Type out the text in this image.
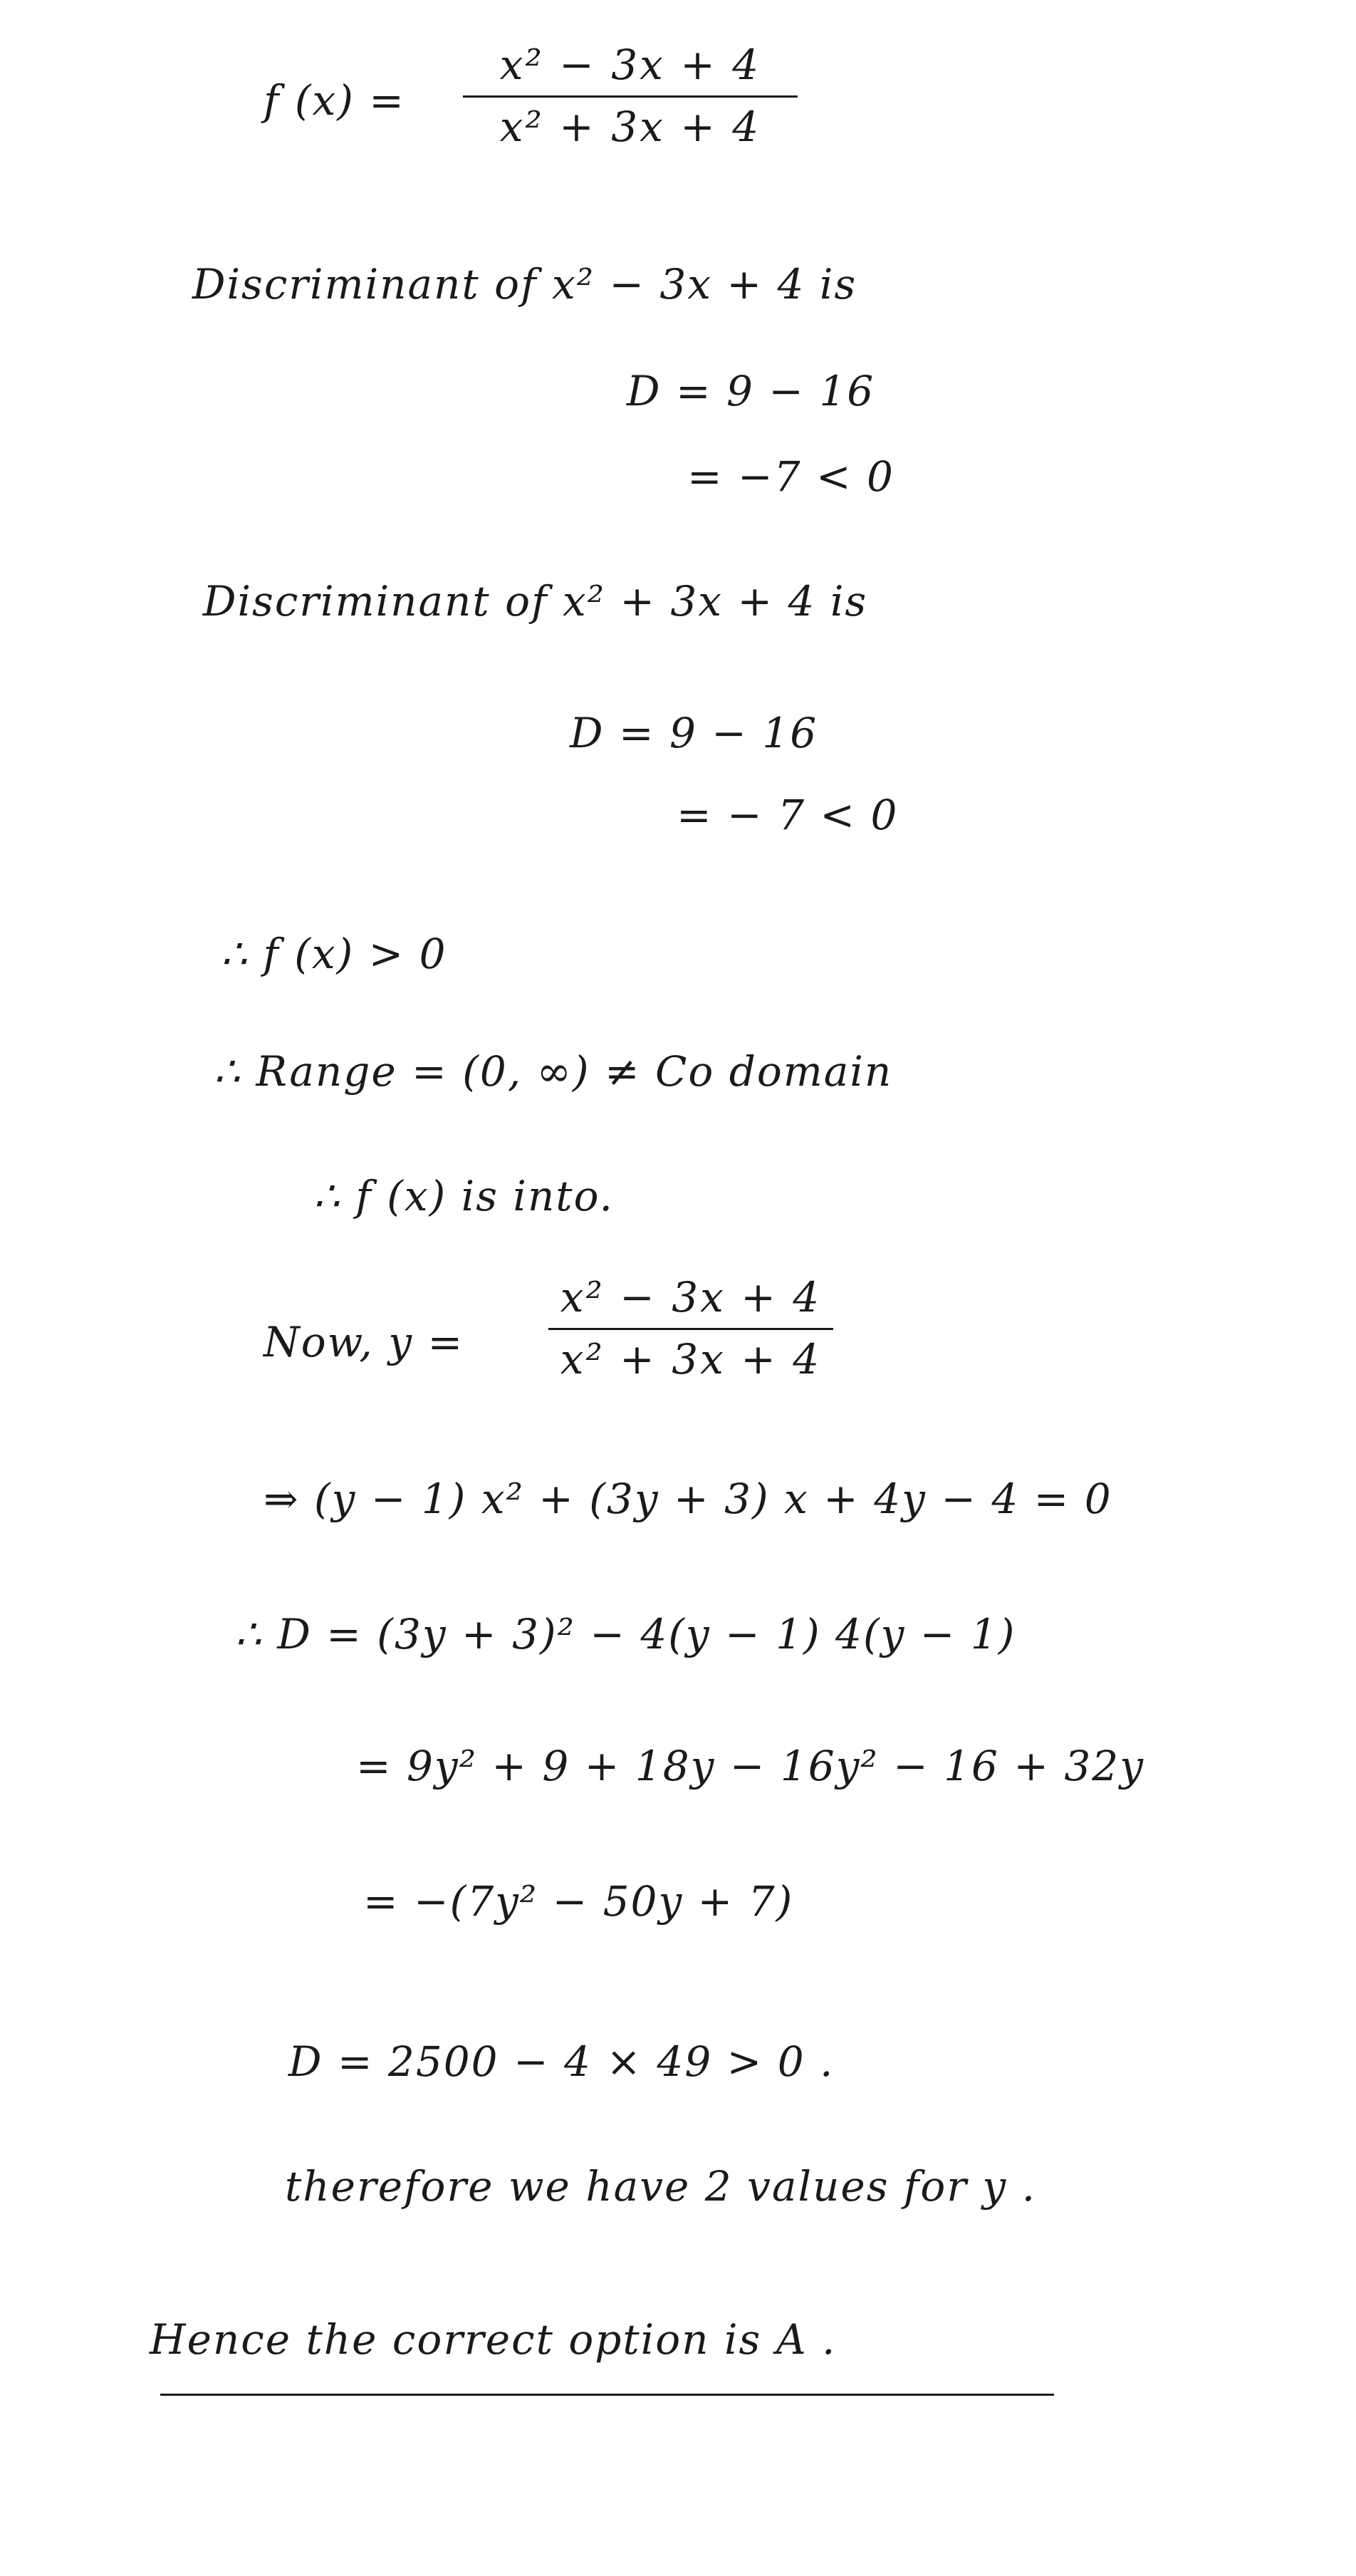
f (x) =
x² − 3x + 4
x² + 3x + 4
Discriminant of x² − 3x + 4 is
D = 9 − 16
= −7 < 0
Discriminant of x² + 3x + 4 is
D = 9 − 16
= − 7 < 0
∴ f (x) > 0
∴ Range = (0, ∞) ≠ Co domain
∴ f (x) is into.
Now, y =
x² − 3x + 4
x² + 3x + 4
⇒ (y − 1) x² + (3y + 3) x + 4y − 4 = 0
∴ D = (3y + 3)² − 4(y − 1) 4(y − 1)
= 9y² + 9 + 18y − 16y² − 16 + 32y
= −(7y² − 50y + 7)
D = 2500 − 4 × 49 > 0 .
therefore we have 2 values for y .
Hence the correct option is A .
